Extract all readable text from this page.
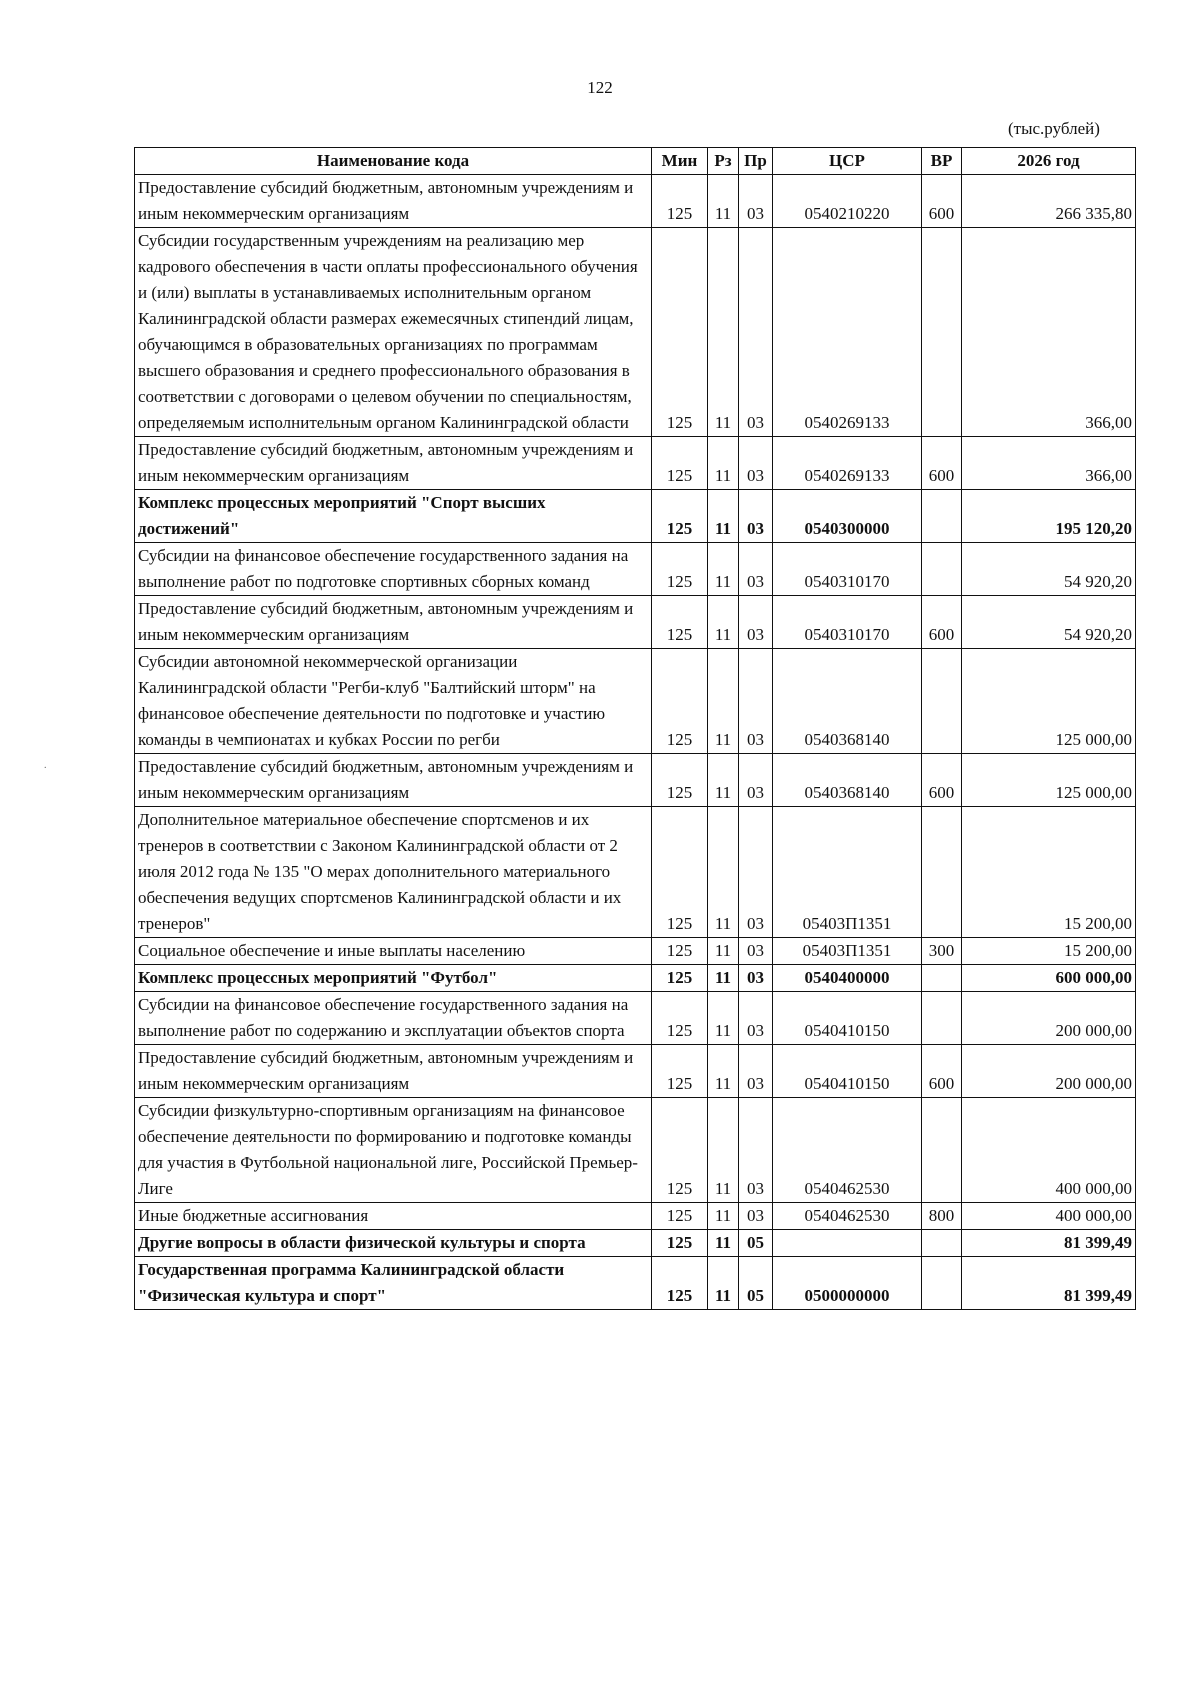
122
(тыс.рублей)
Наименование кода	Мин	Рз	Пр	ЦСР	ВР	2026 год
Предоставление субсидий бюджетным, автономным учреждениям и иным некоммерческим организациям	125	11	03	0540210220	600	266 335,80
Субсидии государственным учреждениям на реализацию мер кадрового обеспечения в части оплаты профессионального обучения и (или) выплаты в устанавливаемых исполнительным органом Калининградской области размерах ежемесячных стипендий лицам, обучающимся в образовательных организациях по программам высшего образования и среднего профессионального образования в соответствии с договорами о целевом обучении по специальностям, определяемым исполнительным органом Калининградской области	125	11	03	0540269133		366,00
Предоставление субсидий бюджетным, автономным учреждениям и иным некоммерческим организациям	125	11	03	0540269133	600	366,00
Комплекс процессных мероприятий "Спорт высших достижений"	125	11	03	0540300000		195 120,20
Субсидии на финансовое обеспечение государственного задания на выполнение работ по подготовке спортивных сборных команд	125	11	03	0540310170		54 920,20
Предоставление субсидий бюджетным, автономным учреждениям и иным некоммерческим организациям	125	11	03	0540310170	600	54 920,20
Субсидии автономной некоммерческой организации Калининградской области "Регби-клуб "Балтийский шторм" на финансовое обеспечение деятельности по подготовке и участию команды в чемпионатах и кубках России по регби	125	11	03	0540368140		125 000,00
Предоставление субсидий бюджетным, автономным учреждениям и иным некоммерческим организациям	125	11	03	0540368140	600	125 000,00
Дополнительное материальное обеспечение спортсменов и их тренеров в соответствии с Законом Калининградской области от 2 июля 2012 года № 135 "О мерах дополнительного материального обеспечения ведущих спортсменов Калининградской области и их тренеров"	125	11	03	05403П1351		15 200,00
Социальное обеспечение и иные выплаты населению	125	11	03	05403П1351	300	15 200,00
Комплекс процессных мероприятий "Футбол"	125	11	03	0540400000		600 000,00
Субсидии на финансовое обеспечение государственного задания на выполнение работ по содержанию и эксплуатации объектов спорта	125	11	03	0540410150		200 000,00
Предоставление субсидий бюджетным, автономным учреждениям и иным некоммерческим организациям	125	11	03	0540410150	600	200 000,00
Субсидии физкультурно-спортивным организациям на финансовое обеспечение деятельности по формированию и подготовке команды для участия в Футбольной национальной лиге, Российской Премьер-Лиге	125	11	03	0540462530		400 000,00
Иные бюджетные ассигнования	125	11	03	0540462530	800	400 000,00
Другие вопросы в области физической культуры и спорта	125	11	05			81 399,49
Государственная программа Калининградской области "Физическая культура и спорт"	125	11	05	0500000000		81 399,49
.
